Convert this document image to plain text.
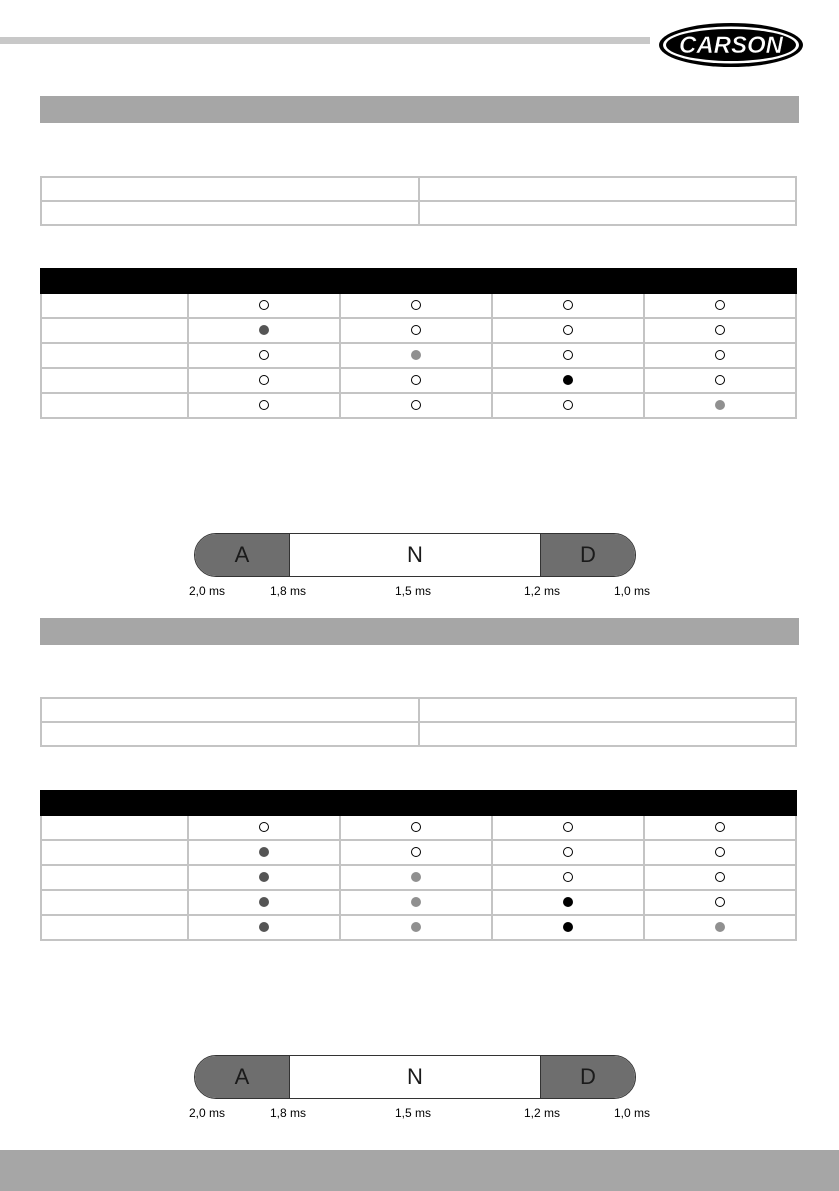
CARSON

A	N	D
2,0 ms	1,8 ms	1,5 ms	1,2 ms	1,0 ms

A	N	D
2,0 ms	1,8 ms	1,5 ms	1,2 ms	1,0 ms
